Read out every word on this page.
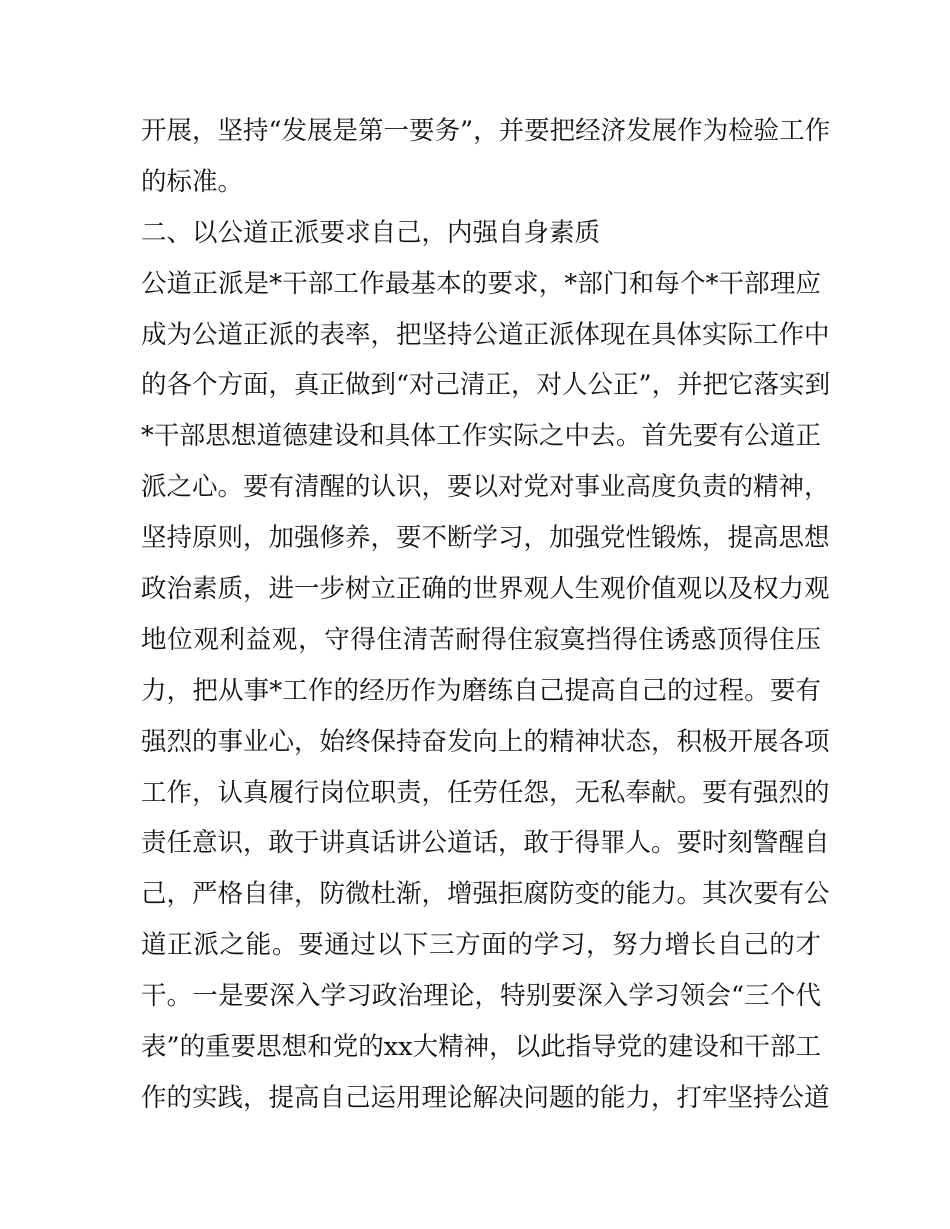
开展，坚持“发展是第一要务”，并要把经济发展作为检验工作
的标准。
二、以公道正派要求自己，内强自身素质
公道正派是*干部工作最基本的要求，*部门和每个*干部理应
成为公道正派的表率，把坚持公道正派体现在具体实际工作中
的各个方面，真正做到“对己清正，对人公正”，并把它落实到
*干部思想道德建设和具体工作实际之中去。首先要有公道正
派之心。要有清醒的认识，要以对党对事业高度负责的精神，
坚持原则，加强修养，要不断学习，加强党性锻炼，提高思想
政治素质，进一步树立正确的世界观人生观价值观以及权力观
地位观利益观，守得住清苦耐得住寂寞挡得住诱惑顶得住压
力，把从事*工作的经历作为磨练自己提高自己的过程。要有
强烈的事业心，始终保持奋发向上的精神状态，积极开展各项
工作，认真履行岗位职责，任劳任怨，无私奉献。要有强烈的
责任意识，敢于讲真话讲公道话，敢于得罪人。要时刻警醒自
己，严格自律，防微杜渐，增强拒腐防变的能力。其次要有公
道正派之能。要通过以下三方面的学习，努力增长自己的才
干。一是要深入学习政治理论，特别要深入学习领会“三个代
表”的重要思想和党的xx大精神，以此指导党的建设和干部工
作的实践，提高自己运用理论解决问题的能力，打牢坚持公道
